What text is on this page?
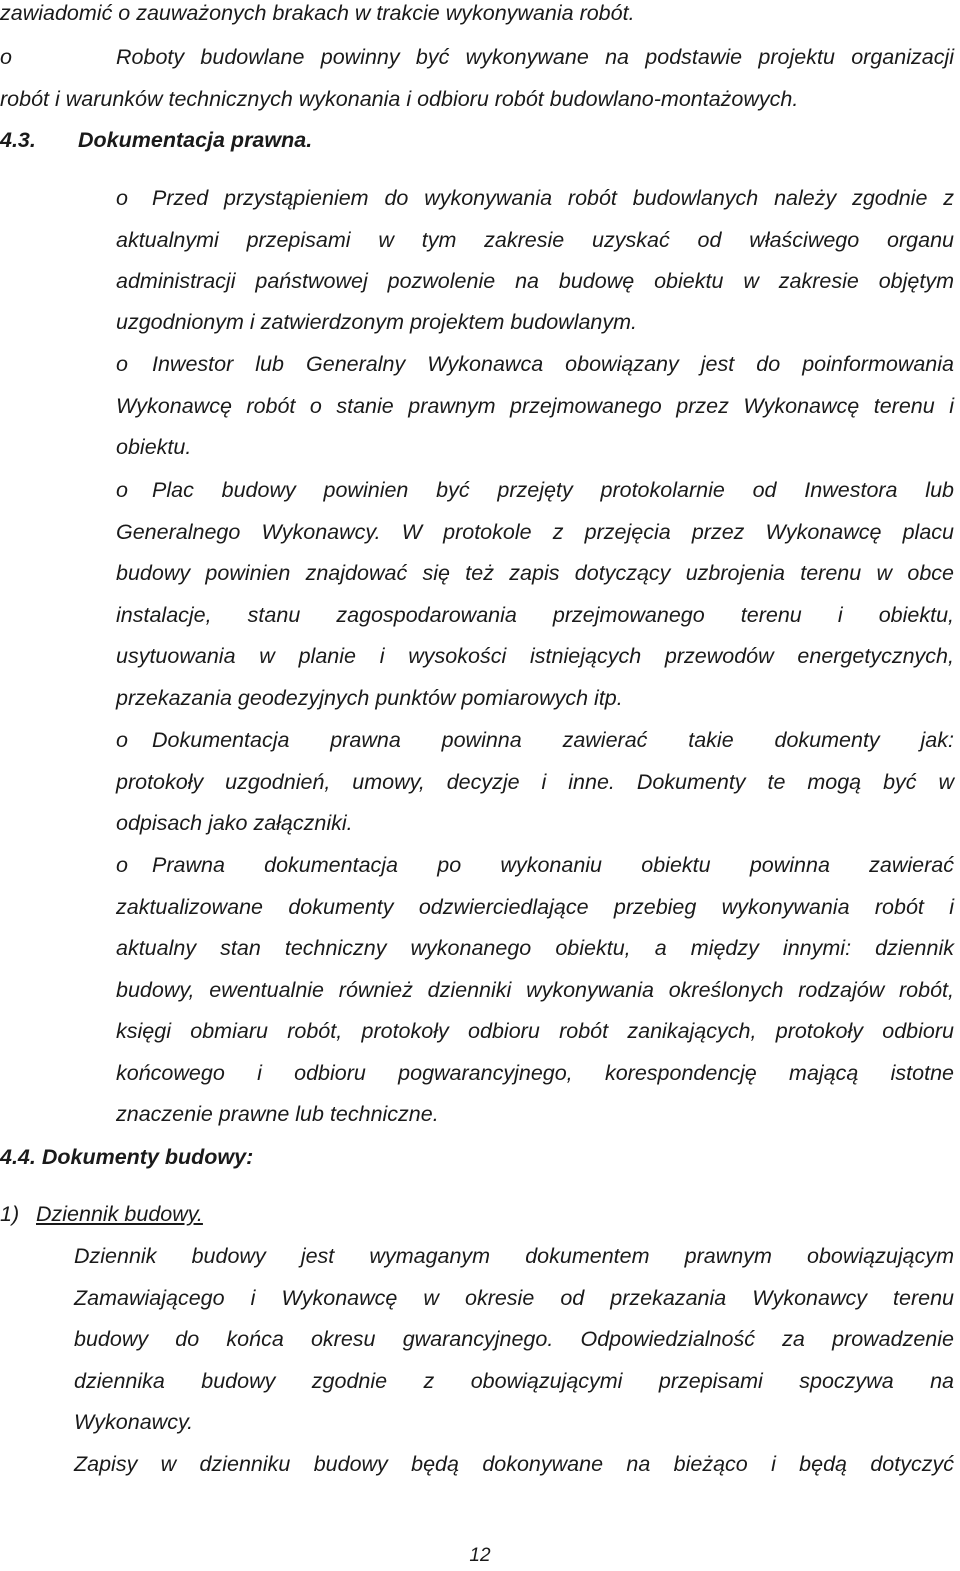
zawiadomić o zauważonych brakach w trakcie wykonywania robót.
o	Roboty budowlane powinny być wykonywane na podstawie projektu organizacji
robót i warunków technicznych wykonania i odbioru robót budowlano-montażowych.
4.3. Dokumentacja prawna.
o Przed przystąpieniem do wykonywania robót budowlanych należy zgodnie z
aktualnymi przepisami w tym zakresie uzyskać od właściwego organu
administracji państwowej pozwolenie na budowę obiektu w zakresie objętym
uzgodnionym i zatwierdzonym projektem budowlanym.
o Inwestor lub Generalny Wykonawca obowiązany jest do poinformowania
Wykonawcę robót o stanie prawnym przejmowanego przez Wykonawcę terenu i
obiektu.
o Plac budowy powinien być przejęty protokolarnie od Inwestora lub
Generalnego Wykonawcy. W protokole z przejęcia przez Wykonawcę placu
budowy powinien znajdować się też zapis dotyczący uzbrojenia terenu w obce
instalacje, stanu zagospodarowania przejmowanego terenu i obiektu,
usytuowania w planie i wysokości istniejących przewodów energetycznych,
przekazania geodezyjnych punktów pomiarowych itp.
o Dokumentacja prawna powinna zawierać takie dokumenty jak:
protokoły uzgodnień, umowy, decyzje i inne. Dokumenty te mogą być w
odpisach jako załączniki.
o Prawna dokumentacja po wykonaniu obiektu powinna zawierać
zaktualizowane dokumenty odzwierciedlające przebieg wykonywania robót i
aktualny stan techniczny wykonanego obiektu, a między innymi: dziennik
budowy, ewentualnie również dzienniki wykonywania określonych rodzajów robót,
księgi obmiaru robót, protokoły odbioru robót zanikających, protokoły odbioru
końcowego i odbioru pogwarancyjnego, korespondencję mającą istotne
znaczenie prawne lub techniczne.
4.4. Dokumenty budowy:
1) Dziennik budowy.
Dziennik budowy jest wymaganym dokumentem prawnym obowiązującym
Zamawiającego i Wykonawcę w okresie od przekazania Wykonawcy terenu
budowy do końca okresu gwarancyjnego. Odpowiedzialność za prowadzenie
dziennika budowy zgodnie z obowiązującymi przepisami spoczywa na
Wykonawcy.
Zapisy w dzienniku budowy będą dokonywane na bieżąco i będą dotyczyć
12
